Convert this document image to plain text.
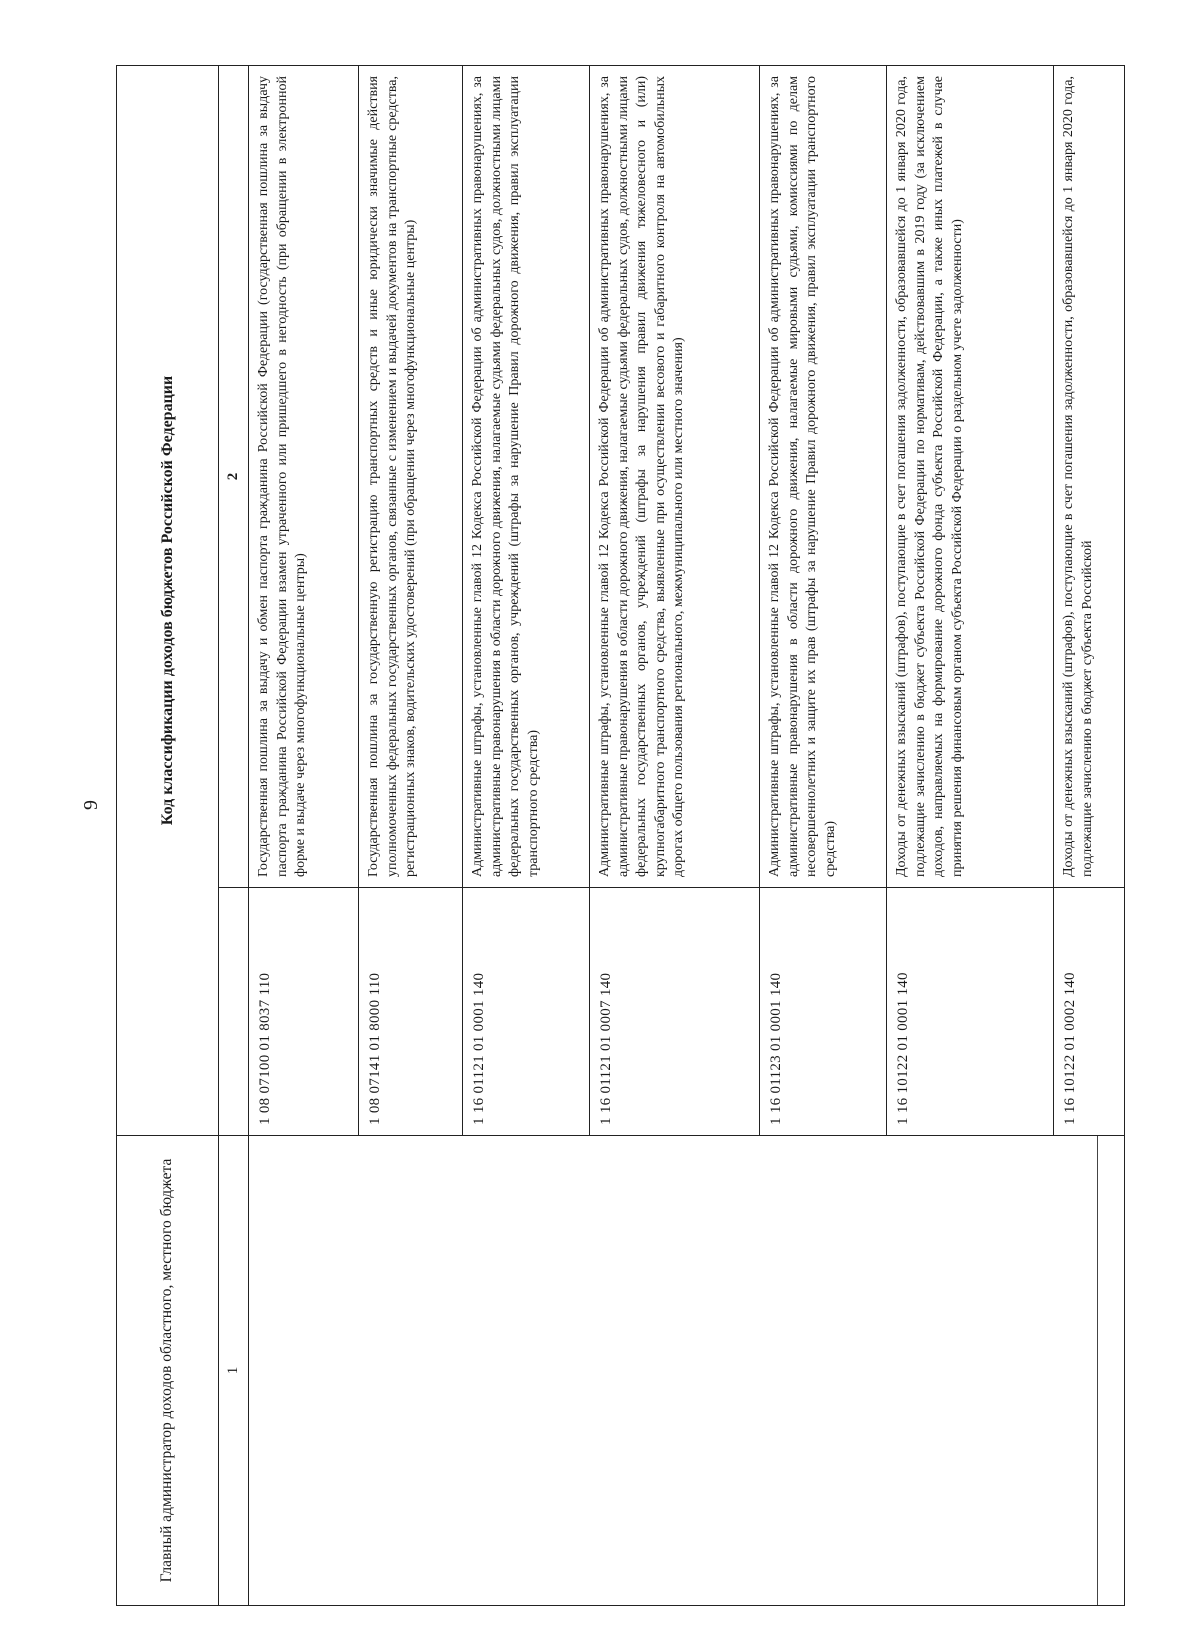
9
Главный администратор доходов областного, местного бюджета	Код классификации доходов бюджетов Российской Федерации	
1		2

	1 08 07100 01 8037 110	Государственная пошлина за выдачу и обмен паспорта гражданина Российской Федерации (государственная пошлина за выдачу паспорта гражданина Российской Федерации взамен утраченного или пришедшего в негодность (при обращении в электронной форме и выдаче через многофункциональные центры)
	1 08 07141 01 8000 110	Государственная пошлина за государственную регистрацию транспортных средств и иные юридически значимые действия уполномоченных федеральных государственных органов, связанные с изменением и выдачей документов на транспортные средства, регистрационных знаков, водительских удостоверений (при обращении через многофункциональные центры)
	1 16 01121 01 0001 140	Административные штрафы, установленные главой 12 Кодекса Российской Федерации об административных правонарушениях, за административные правонарушения в области дорожного движения, налагаемые судьями федеральных судов, должностными лицами федеральных государственных органов, учреждений (штрафы за нарушение Правил дорожного движения, правил эксплуатации транспортного средства)
	1 16 01121 01 0007 140	Административные штрафы, установленные главой 12 Кодекса Российской Федерации об административных правонарушениях, за административные правонарушения в области дорожного движения, налагаемые судьями федеральных судов, должностными лицами федеральных государственных органов, учреждений (штрафы за нарушения правил движения тяжеловесного и (или) крупногабаритного транспортного средства, выявленные при осуществлении весового и габаритного контроля на автомобильных дорогах общего пользования регионального, межмуниципального или местного значения)
	1 16 01123 01 0001 140	Административные штрафы, установленные главой 12 Кодекса Российской Федерации об административных правонарушениях, за административные правонарушения в области дорожного движения, налагаемые мировыми судьями, комиссиями по делам несовершеннолетних и защите их прав (штрафы за нарушение Правил дорожного движения, правил эксплуатации транспортного средства)
	1 16 10122 01 0001 140	Доходы от денежных взысканий (штрафов), поступающие в счет погашения задолженности, образовавшейся до 1 января 2020 года, подлежащие зачислению в бюджет субъекта Российской Федерации по нормативам, действовавшим в 2019 году (за исключением доходов, направляемых на формирование дорожного фонда субъекта Российской Федерации, а также иных платежей в случае принятия решения финансовым органом субъекта Российской Федерации о раздельном учете задолженности)
	1 16 10122 01 0002 140	Доходы от денежных взысканий (штрафов), поступающие в счет погашения задолженности, образовавшейся до 1 января 2020 года, подлежащие зачислению в бюджет субъекта Российской
